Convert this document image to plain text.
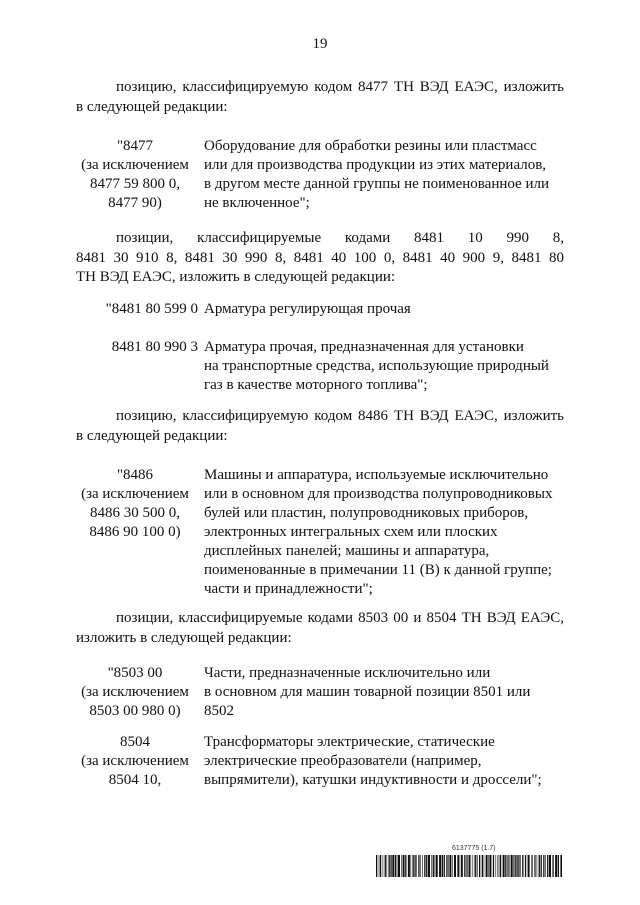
19
позицию, классифицируемую кодом 8477 ТН ВЭД ЕАЭС, изложить
в следующей редакции:
"8477
(за исключением
8477 59 800 0,
8477 90)
Оборудование для обработки резины или пластмасс
или для производства продукции из этих материалов,
в другом месте данной группы не поименованное или
не включенное";
позиции, классифицируемые кодами 8481 10 990 8,
8481 30 910 8, 8481 30 990 8, 8481 40 100 0, 8481 40 900 9, 8481 80
ТН ВЭД ЕАЭС, изложить в следующей редакции:
"8481 80 599 0 Арматура регулирующая прочая
8481 80 990 3 Арматура прочая, предназначенная для установки
на транспортные средства, использующие природный
газ в качестве моторного топлива";
позицию, классифицируемую кодом 8486 ТН ВЭД ЕАЭС, изложить
в следующей редакции:
"8486
(за исключением
8486 30 500 0,
8486 90 100 0)
Машины и аппаратура, используемые исключительно
или в основном для производства полупроводниковых
булей или пластин, полупроводниковых приборов,
электронных интегральных схем или плоских
дисплейных панелей; машины и аппаратура,
поименованные в примечании 11 (В) к данной группе;
части и принадлежности";
позиции, классифицируемые кодами 8503 00 и 8504 ТН ВЭД ЕАЭС,
изложить в следующей редакции:
"8503 00
(за исключением
8503 00 980 0)
Части, предназначенные исключительно или
в основном для машин товарной позиции 8501 или
8502
8504
(за исключением
8504 10,
Трансформаторы электрические, статические
электрические преобразователи (например,
выпрямители), катушки индуктивности и дроссели";
6137775 (1.7)
